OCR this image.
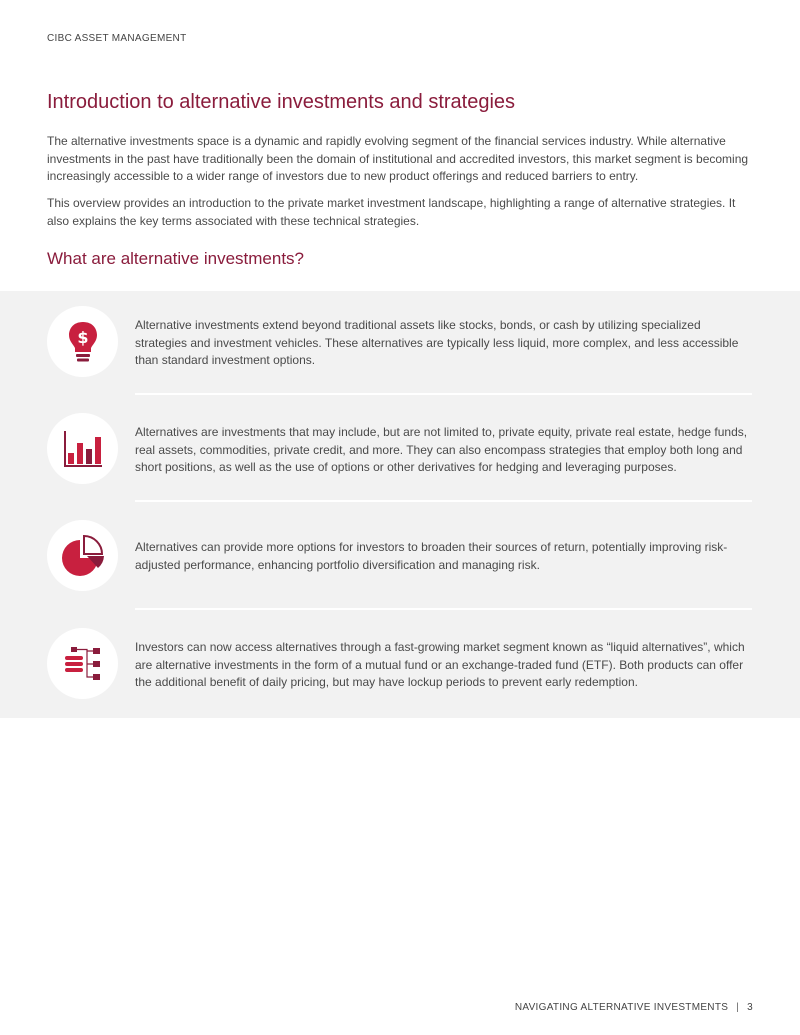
CIBC ASSET MANAGEMENT
Introduction to alternative investments and strategies

The alternative investments space is a dynamic and rapidly evolving segment of the financial services industry. While alternative investments in the past have traditionally been the domain of institutional and accredited investors, this market segment is becoming increasingly accessible to a wider range of investors due to new product offerings and reduced barriers to entry.

This overview provides an introduction to the private market investment landscape, highlighting a range of alternative strategies. It also explains the key terms associated with these technical strategies.

What are alternative investments?
$

Alternative investments extend beyond traditional assets like stocks, bonds, or cash by utilizing specialized strategies and investment vehicles. These alternatives are typically less liquid, more complex, and less accessible than standard investment options.

Alternatives are investments that may include, but are not limited to, private equity, private real estate, hedge funds, real assets, commodities, private credit, and more. They can also encompass strategies that employ both long and short positions, as well as the use of options or other derivatives for hedging and leveraging purposes.

Alternatives can provide more options for investors to broaden their sources of return, potentially improving risk-adjusted performance, enhancing portfolio diversification and managing risk.

Investors can now access alternatives through a fast-growing market segment known as “liquid alternatives”, which are alternative investments in the form of a mutual fund or an exchange-traded fund (ETF). Both products can offer the additional benefit of daily pricing, but may have lockup periods to prevent early redemption.

NAVIGATING ALTERNATIVE INVESTMENTS | 3
